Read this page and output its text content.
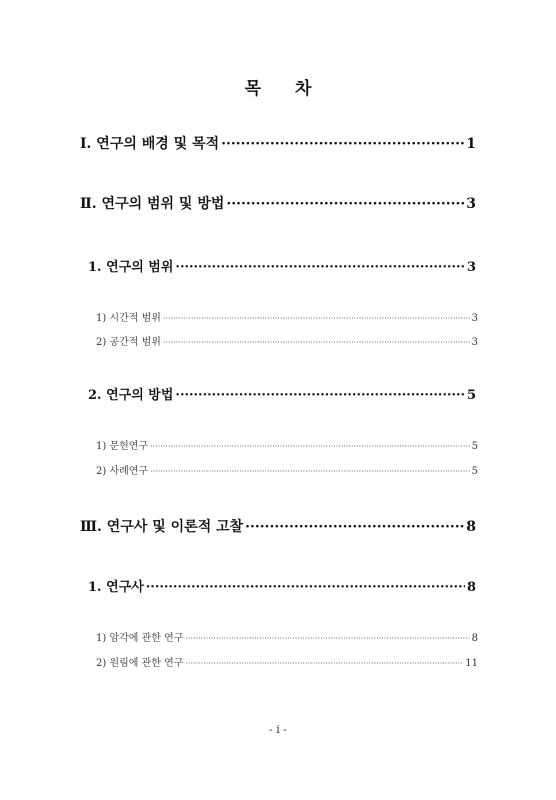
목 차
Ⅰ. 연구의 배경 및 목적 ·····	1
Ⅱ. 연구의 범위 및 방법 ·····	3
1. 연구의 범위 ·····	3
1) 시간적 범위 ·····	3
2) 공간적 범위 ·····	3
2. 연구의 방법 ·····	5
1) 문헌연구 ·····	5
2) 사례연구 ·····	5
Ⅲ. 연구사 및 이론적 고찰 ·····	8
1. 연구사 ·····	8
1) 암각에 관한 연구 ·····	8
2) 원림에 관한 연구 ·····	11
- i -
